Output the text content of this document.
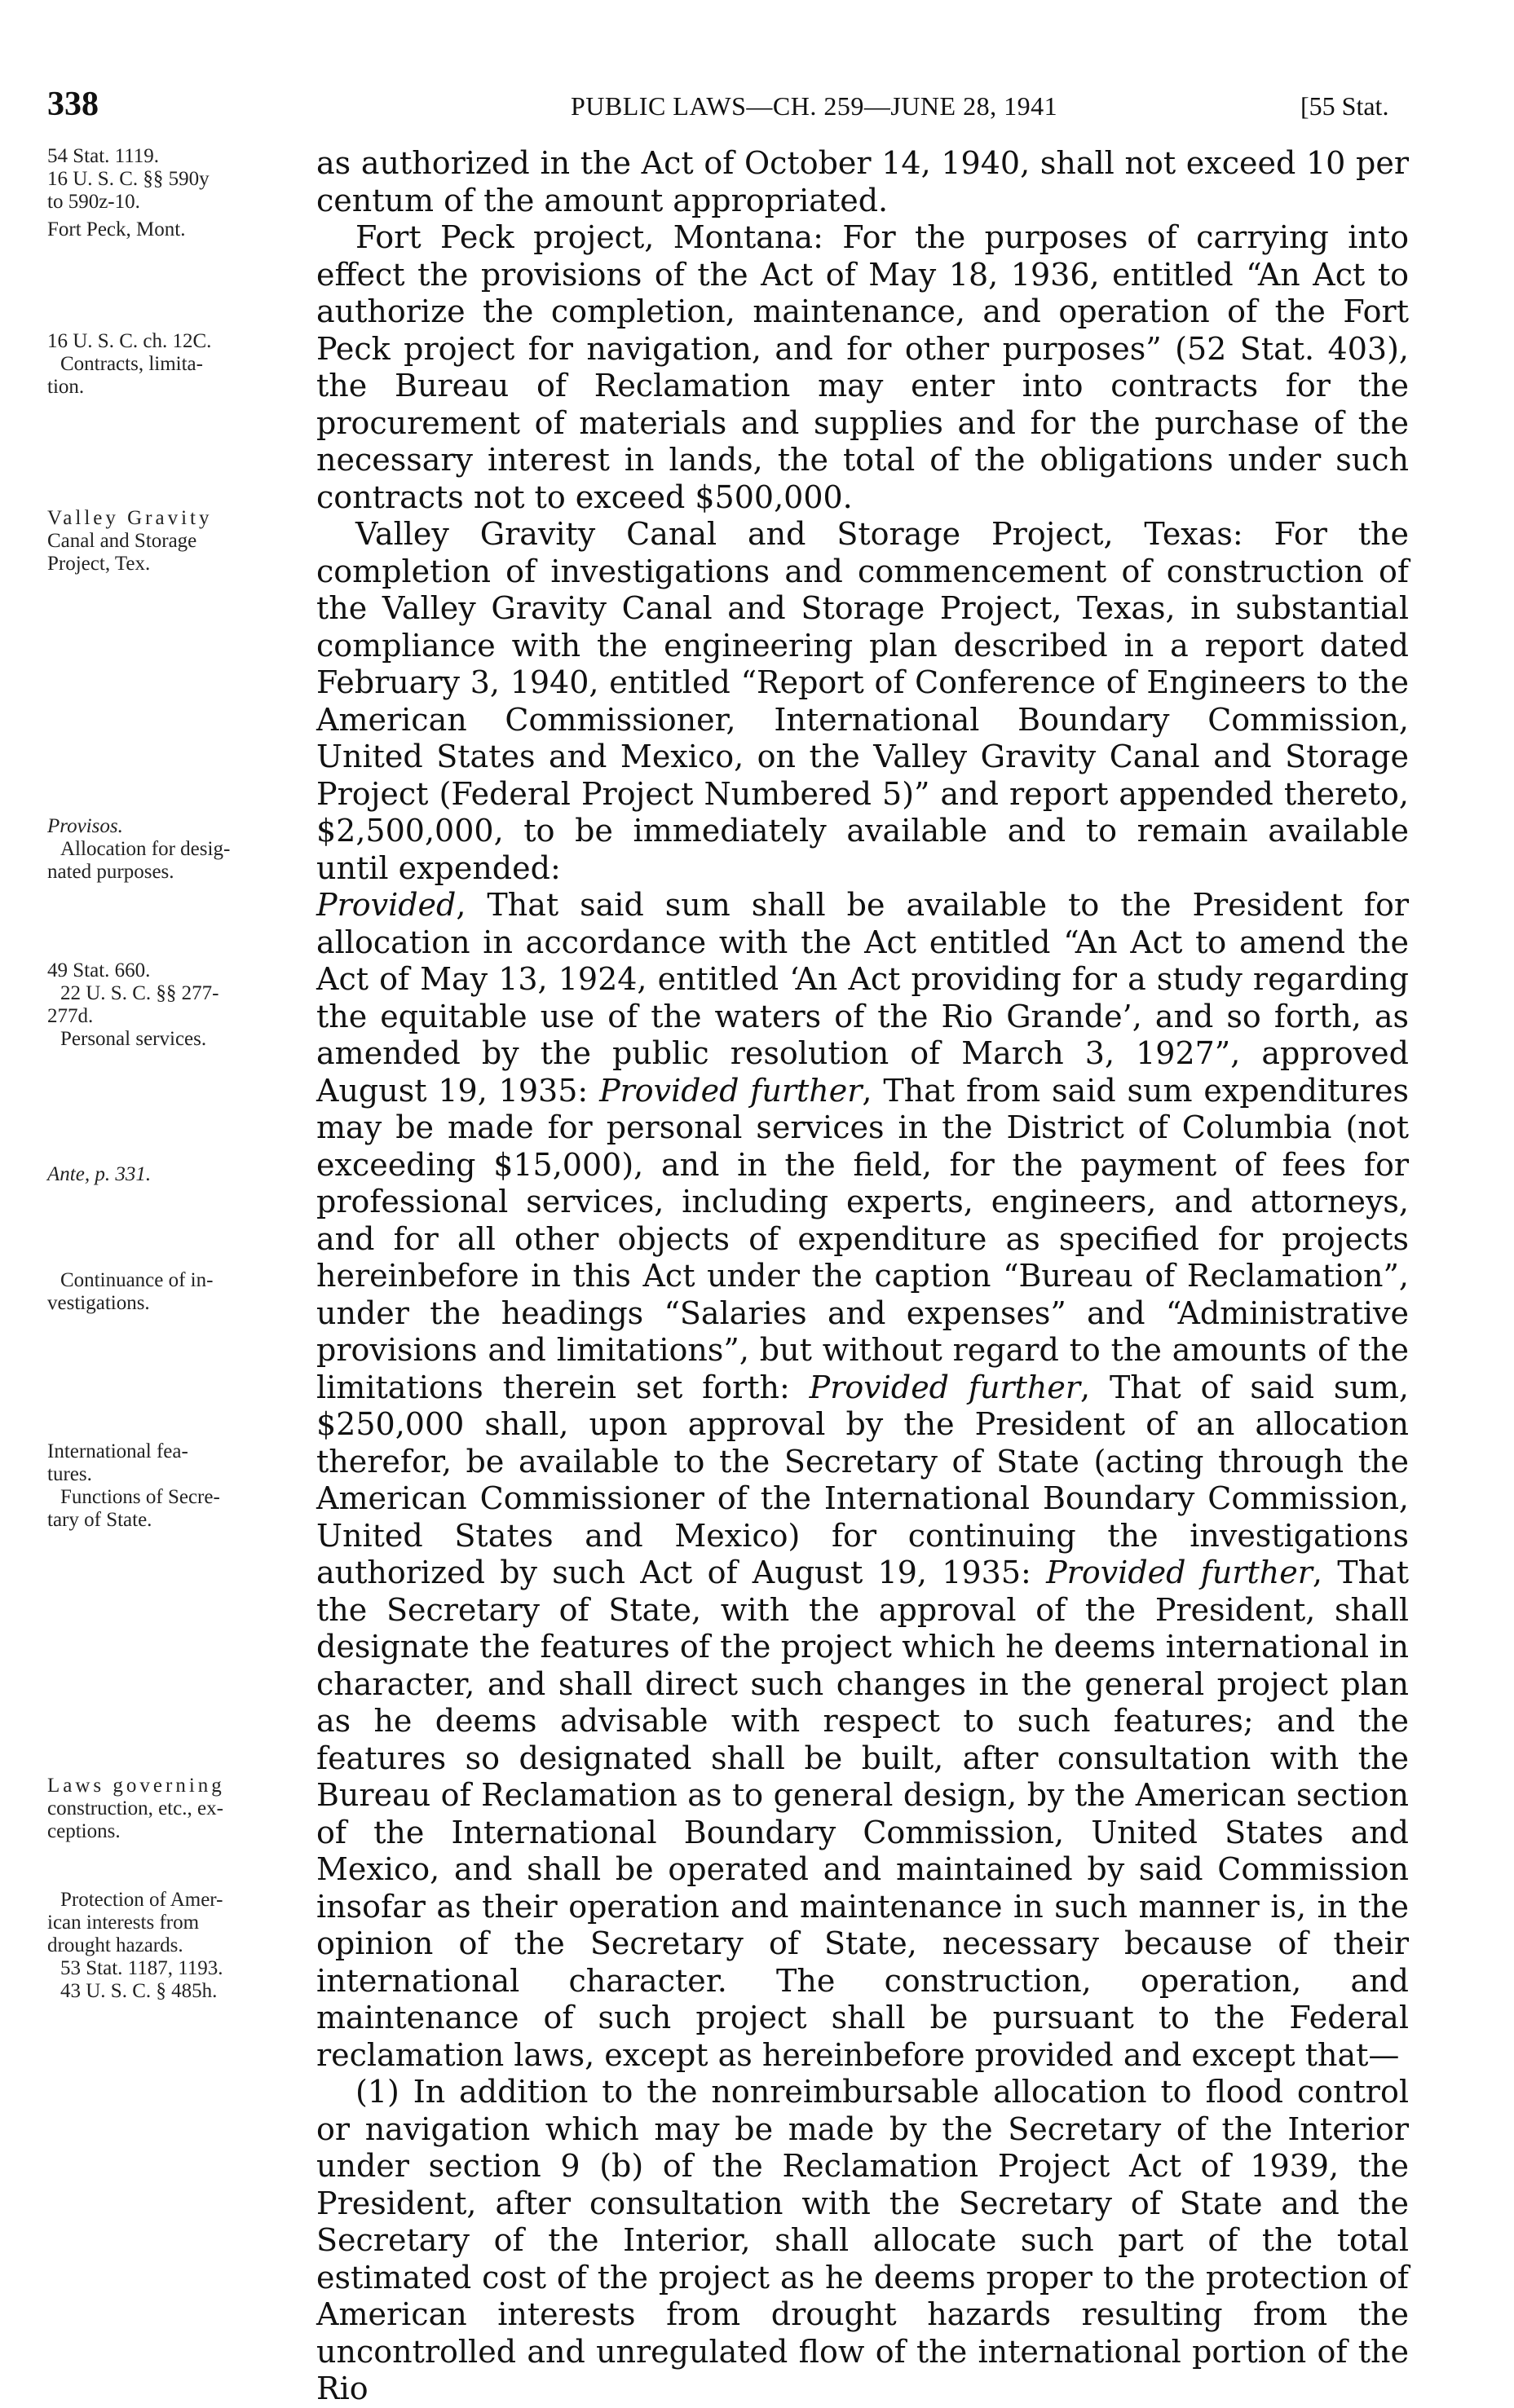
338	PUBLIC LAWS—CH. 259—JUNE 28, 1941	[55 Stat.
54 Stat. 1119.
16 U. S. C. §§ 590y
to 590z-10.
Fort Peck, Mont.
16 U. S. C. ch. 12C.
Contracts, limita-
tion.
Valley Gravity
Canal and Storage
Project, Tex.
Provisos.
Allocation for desig-
nated purposes.
49 Stat. 660.
22 U. S. C. §§ 277-
277d.
Personal services.
Ante, p. 331.
Continuance of in-
vestigations.
International fea-
tures.
Functions of Secre-
tary of State.
Laws governing
construction, etc., ex-
ceptions.
Protection of Amer-
ican interests from
drought hazards.
53 Stat. 1187, 1193.
43 U. S. C. § 485h.

as authorized in the Act of October 14, 1940, shall not exceed 10 per centum of the amount appropriated.

Fort Peck project, Montana: For the purposes of carrying into effect the provisions of the Act of May 18, 1936, entitled “An Act to authorize the completion, maintenance, and operation of the Fort Peck project for navigation, and for other purposes” (52 Stat. 403), the Bureau of Reclamation may enter into contracts for the procurement of materials and supplies and for the purchase of the necessary interest in lands, the total of the obligations under such contracts not to exceed $500,000.

Valley Gravity Canal and Storage Project, Texas: For the completion of investigations and commencement of construction of the Valley Gravity Canal and Storage Project, Texas, in substantial compliance with the engineering plan described in a report dated February 3, 1940, entitled “Report of Conference of Engineers to the American Commissioner, International Boundary Commission, United States and Mexico, on the Valley Gravity Canal and Storage Project (Federal Project Numbered 5)” and report appended thereto, $2,500,000, to be immediately available and to remain available until expended:

Provided, That said sum shall be available to the President for allocation in accordance with the Act entitled “An Act to amend the Act of May 13, 1924, entitled ‘An Act providing for a study regarding the equitable use of the waters of the Rio Grande’, and so forth, as amended by the public resolution of March 3, 1927”, approved August 19, 1935: Provided further, That from said sum expenditures may be made for personal services in the District of Columbia (not exceeding $15,000), and in the field, for the payment of fees for professional services, including experts, engineers, and attorneys, and for all other objects of expenditure as specified for projects hereinbefore in this Act under the caption “Bureau of Reclamation”, under the headings “Salaries and expenses” and “Administrative provisions and limitations”, but without regard to the amounts of the limitations therein set forth: Provided further, That of said sum, $250,000 shall, upon approval by the President of an allocation therefor, be available to the Secretary of State (acting through the American Commissioner of the International Boundary Commission, United States and Mexico) for continuing the investigations authorized by such Act of August 19, 1935: Provided further, That the Secretary of State, with the approval of the President, shall designate the features of the project which he deems international in character, and shall direct such changes in the general project plan as he deems advisable with respect to such features; and the features so designated shall be built, after consultation with the Bureau of Reclamation as to general design, by the American section of the International Boundary Commission, United States and Mexico, and shall be operated and maintained by said Commission insofar as their operation and maintenance in such manner is, in the opinion of the Secretary of State, necessary because of their international character. The construction, operation, and maintenance of such project shall be pursuant to the Federal reclamation laws, except as hereinbefore provided and except that—

(1) In addition to the nonreimbursable allocation to flood control or navigation which may be made by the Secretary of the Interior under section 9 (b) of the Reclamation Project Act of 1939, the President, after consultation with the Secretary of State and the Secretary of the Interior, shall allocate such part of the total estimated cost of the project as he deems proper to the protection of American interests from drought hazards resulting from the uncontrolled and unregulated flow of the international portion of the Rio
